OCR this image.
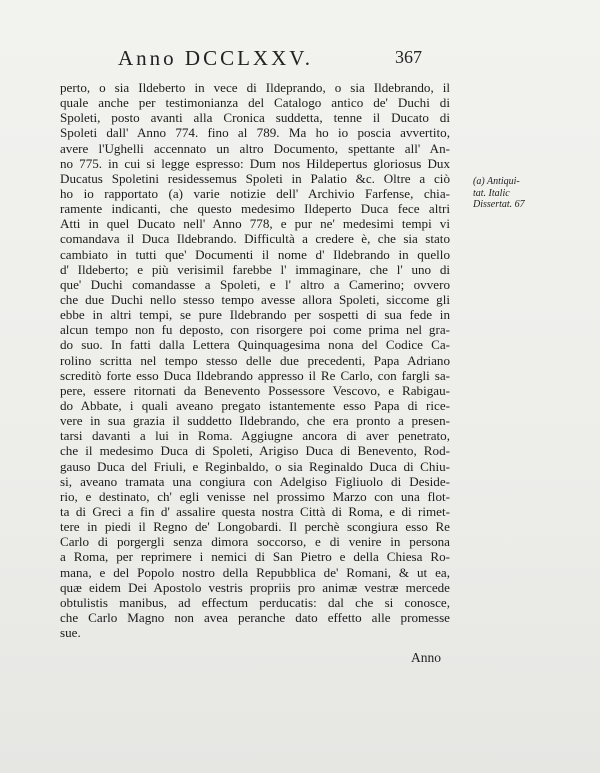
Anno DCCLXXV.	367
perto, o sia Ildeberto in vece di Ildeprando, o sia Ildebrando, il
quale anche per testimonianza del Catalogo antico de' Duchi di
Spoleti, posto avanti alla Cronica suddetta, tenne il Ducato di
Spoleti dall' Anno 774. fino al 789. Ma ho io poscia avvertito,
avere l'Ughelli accennato un altro Documento, spettante all' An-
no 775. in cui si legge espresso: Dum nos Hildepertus gloriosus Dux
Ducatus Spoletini residessemus Spoleti in Palatio &c. Oltre a ciò
ho io rapportato (a) varie notizie dell' Archivio Farfense, chia-
ramente indicanti, che questo medesimo Ildeperto Duca fece altri
Atti in quel Ducato nell' Anno 778, e pur ne' medesimi tempi vi
comandava il Duca Ildebrando. Difficultà a credere è, che sia stato
cambiato in tutti que' Documenti il nome d' Ildebrando in quello
d' Ildeberto; e più verisimil farebbe l' immaginare, che l' uno di
que' Duchi comandasse a Spoleti, e l' altro a Camerino; ovvero
che due Duchi nello stesso tempo avesse allora Spoleti, siccome gli
ebbe in altri tempi, se pure Ildebrando per sospetti di sua fede in
alcun tempo non fu deposto, con risorgere poi come prima nel gra-
do suo. In fatti dalla Lettera Quinquagesima nona del Codice Ca-
rolino scritta nel tempo stesso delle due precedenti, Papa Adriano
screditò forte esso Duca Ildebrando appresso il Re Carlo, con fargli sa-
pere, essere ritornati da Benevento Possessore Vescovo, e Rabigau-
do Abbate, i quali aveano pregato istantemente esso Papa di rice-
vere in sua grazia il suddetto Ildebrando, che era pronto a presen-
tarsi davanti a lui in Roma. Aggiugne ancora di aver penetrato,
che il medesimo Duca di Spoleti, Arigiso Duca di Benevento, Rod-
gauso Duca del Friuli, e Reginbaldo, o sia Reginaldo Duca di Chiu-
si, aveano tramata una congiura con Adelgiso Figliuolo di Deside-
rio, e destinato, ch' egli venisse nel prossimo Marzo con una flot-
ta di Greci a fin d' assalire questa nostra Città di Roma, e di rimet-
tere in piedi il Regno de' Longobardi. Il perchè scongiura esso Re
Carlo di porgergli senza dimora soccorso, e di venire in persona
a Roma, per reprimere i nemici di San Pietro e della Chiesa Ro-
mana, e del Popolo nostro della Repubblica de' Romani, & ut ea,
quæ eidem Dei Apostolo vestris propriis pro animæ vestræ mercede
obtulistis manibus, ad effectum perducatis: dal che si conosce,
che Carlo Magno non avea peranche dato effetto alle promesse
sue.
(a) Antiqui-
tat. Italic
Dissertat. 67
Anno
